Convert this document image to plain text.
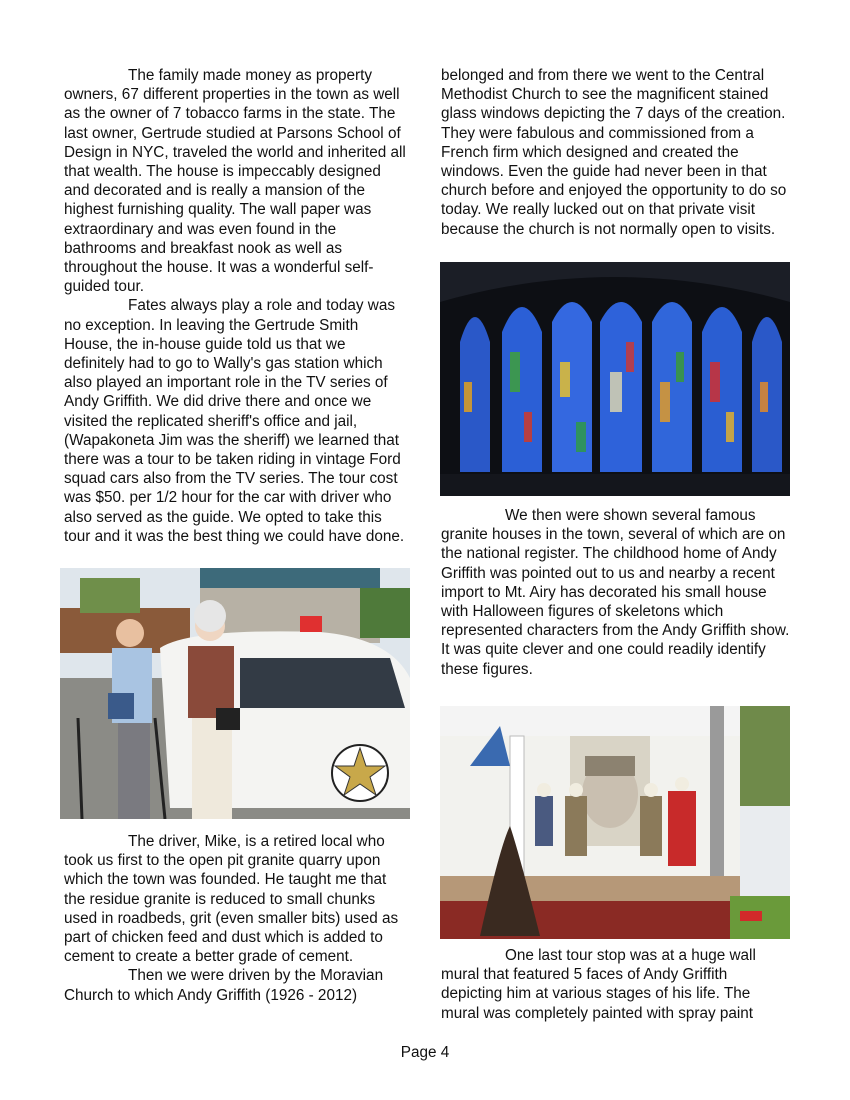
The family made money as property owners, 67 different properties in the town as well as the owner of 7 tobacco farms in the state. The last owner, Gertrude studied at Parsons School of Design in NYC, traveled the world and inherited all that wealth. The house is impeccably designed and decorated and is really a mansion of the highest furnishing quality. The wall paper was extraordinary and was even found in the bathrooms and breakfast nook as well as throughout the house. It was a wonderful self-guided tour.

Fates always play a role and today was no exception. In leaving the Gertrude Smith House, the in-house guide told us that we definitely had to go to Wally's gas station which also played an important role in the TV series of Andy Griffith. We did drive there and once we visited the replicated sheriff's office and jail, (Wapakoneta Jim was the sheriff) we learned that there was a tour to be taken riding in vintage Ford squad cars also from the TV series. The tour cost was $50. per 1/2 hour for the car with driver who also served as the guide. We opted to take this tour and it was the best thing we could have done.

The driver, Mike, is a retired local who took us first to the open pit granite quarry upon which the town was founded. He taught me that the residue granite is reduced to small chunks used in roadbeds, grit (even smaller bits) used as part of chicken feed and dust which is added to cement to create a better grade of cement.

Then we were driven by the Moravian Church to which Andy Griffith (1926 - 2012)

belonged and from there we went to the Central Methodist Church to see the magnificent stained glass windows depicting the 7 days of the creation. They were fabulous and commissioned from a French firm which designed and created the windows. Even the guide had never been in that church before and enjoyed the opportunity to do so today. We really lucked out on that private visit because the church is not normally open to visits.

We then were shown several famous granite houses in the town, several of which are on the national register. The childhood home of Andy Griffith was pointed out to us and nearby a recent import to Mt. Airy has decorated his small house with Halloween figures of skeletons which represented characters from the Andy Griffith show. It was quite clever and one could readily identify these figures.

One last tour stop was at a huge wall mural that featured 5 faces of Andy Griffith depicting him at various stages of his life. The mural was completely painted with spray paint

Page 4
